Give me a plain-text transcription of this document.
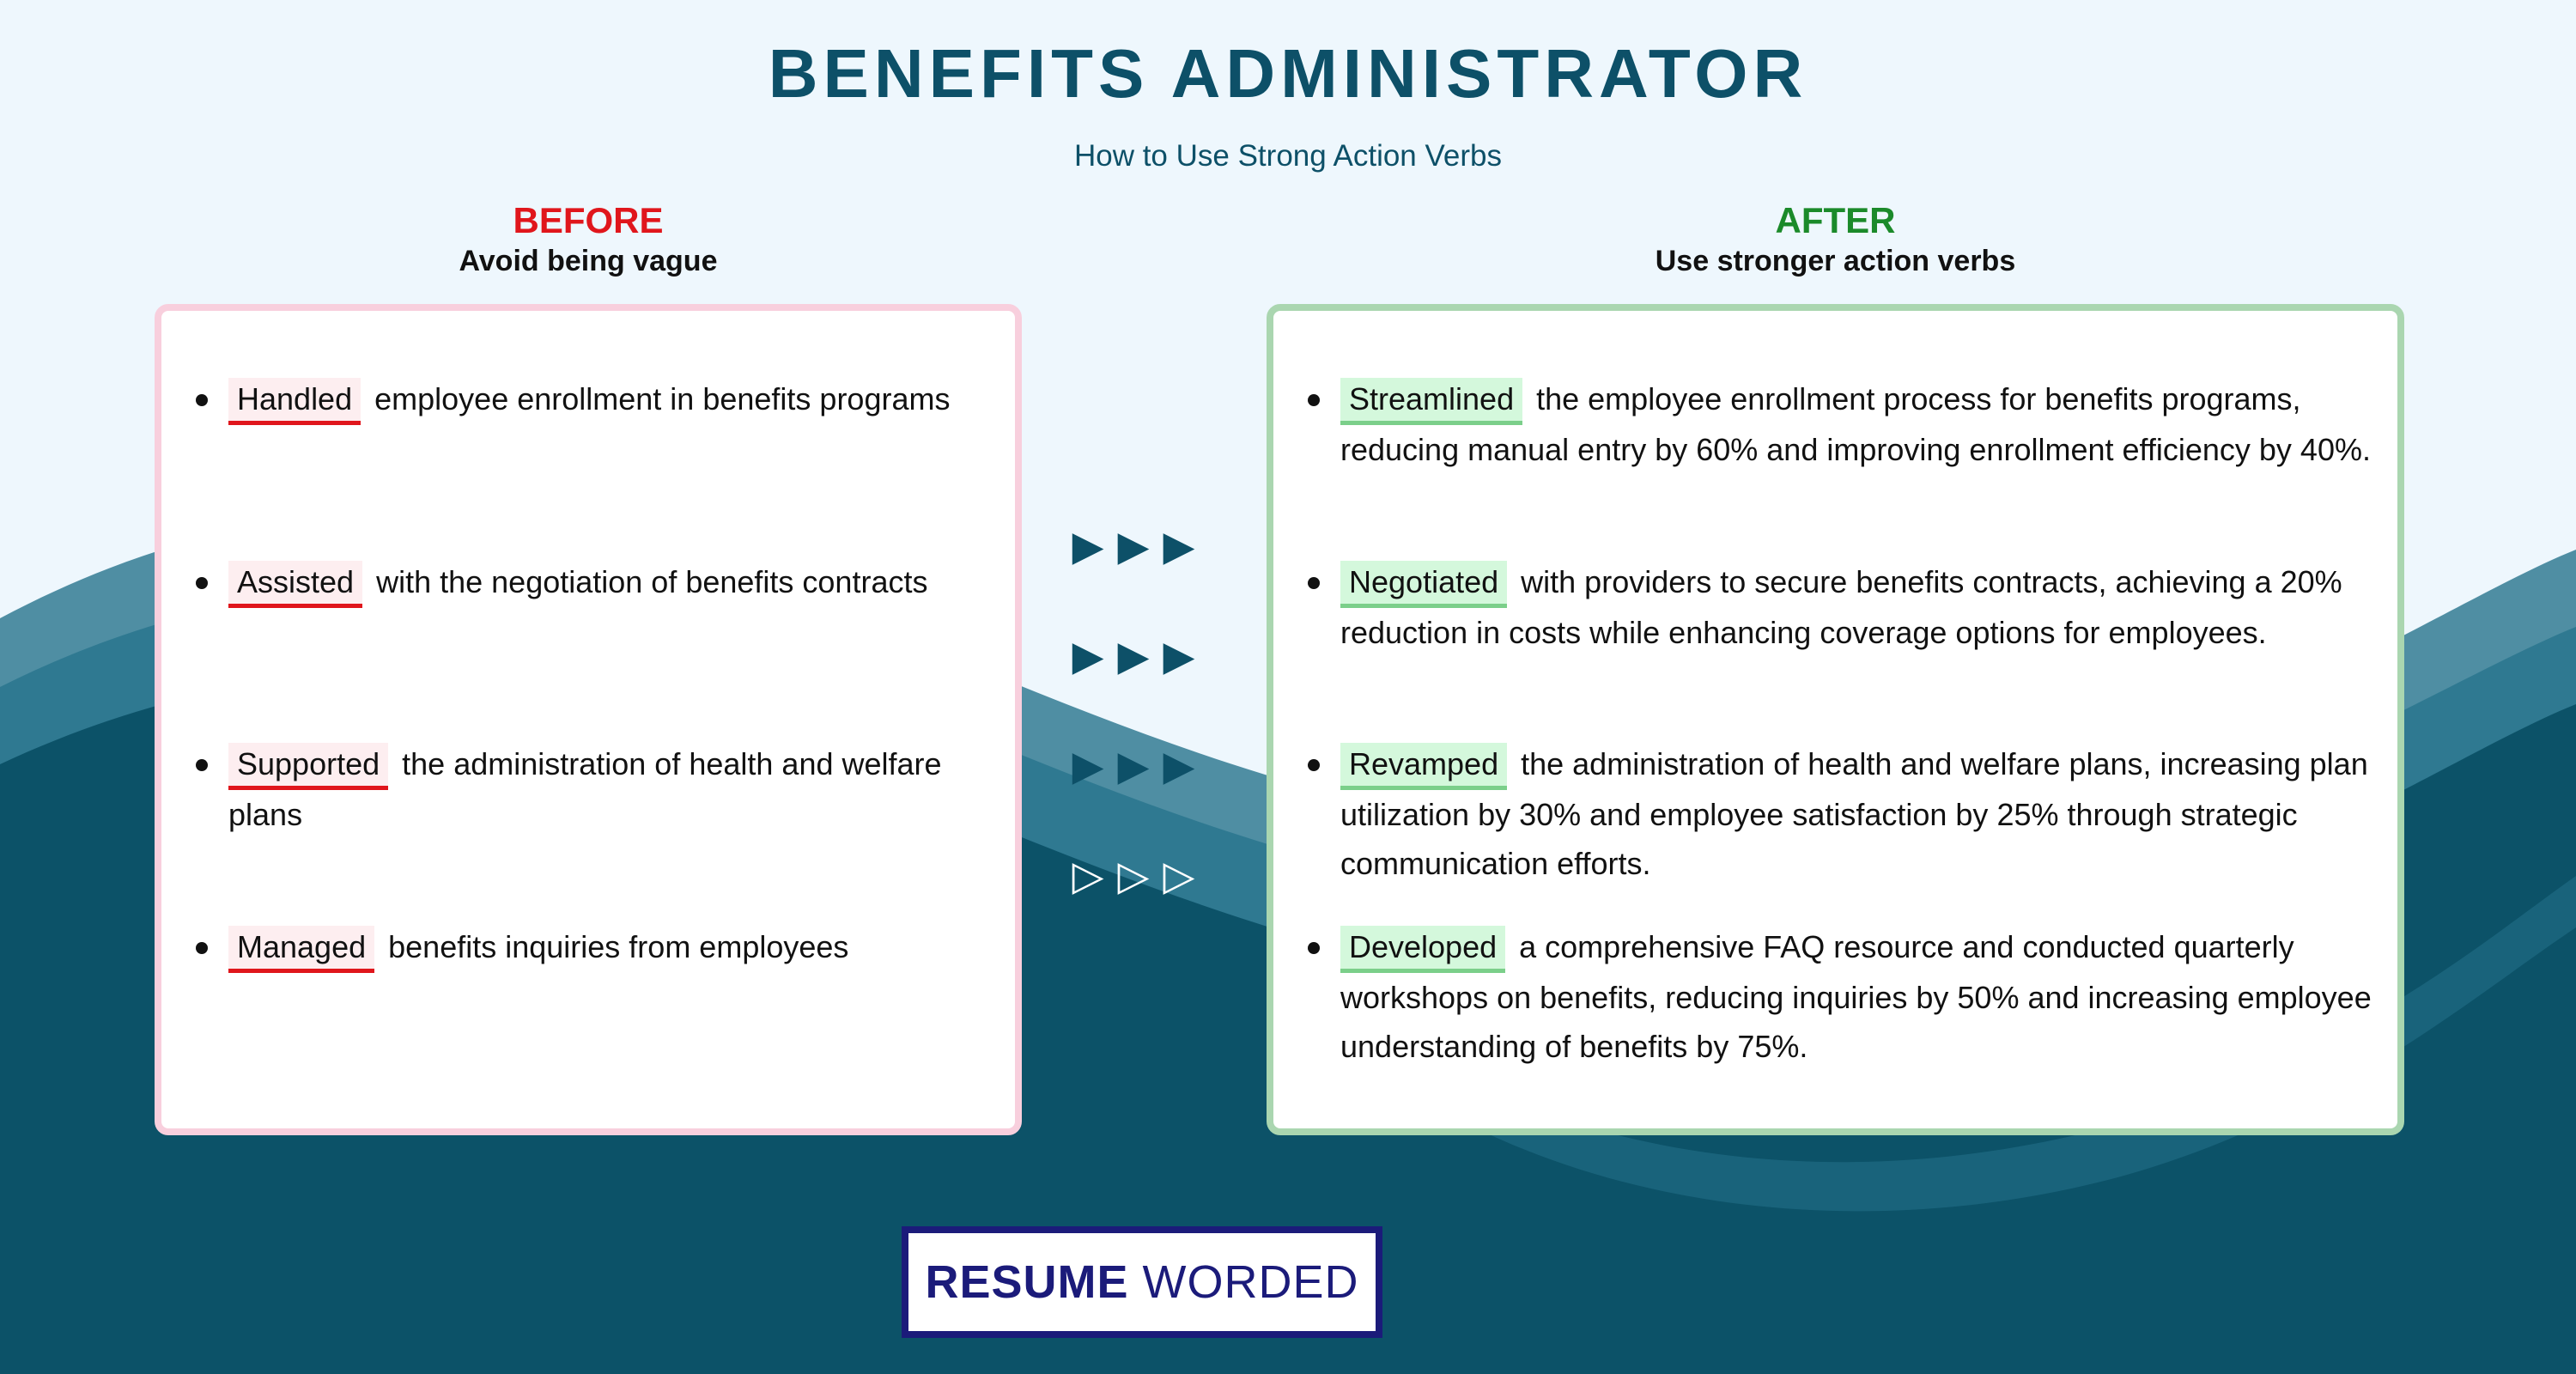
BENEFITS ADMINISTRATOR
How to Use Strong Action Verbs
BEFORE
Avoid being vague
AFTER
Use stronger action verbs
Handled employee enrollment in benefits programs
Assisted with the negotiation of benefits contracts
Supported the administration of health and welfare plans
Managed benefits inquiries from employees
▶▶▶
▶▶▶
▶▶▶
▷▷▷
Streamlined the employee enrollment process for benefits programs, reducing manual entry by 60% and improving enrollment efficiency by 40%.
Negotiated with providers to secure benefits contracts, achieving a 20% reduction in costs while enhancing coverage options for employees.
Revamped the administration of health and welfare plans, increasing plan utilization by 30% and employee satisfaction by 25% through strategic communication efforts.
Developed a comprehensive FAQ resource and conducted quarterly workshops on benefits, reducing inquiries by 50% and increasing employee understanding of benefits by 75%.
RESUME WORDED
